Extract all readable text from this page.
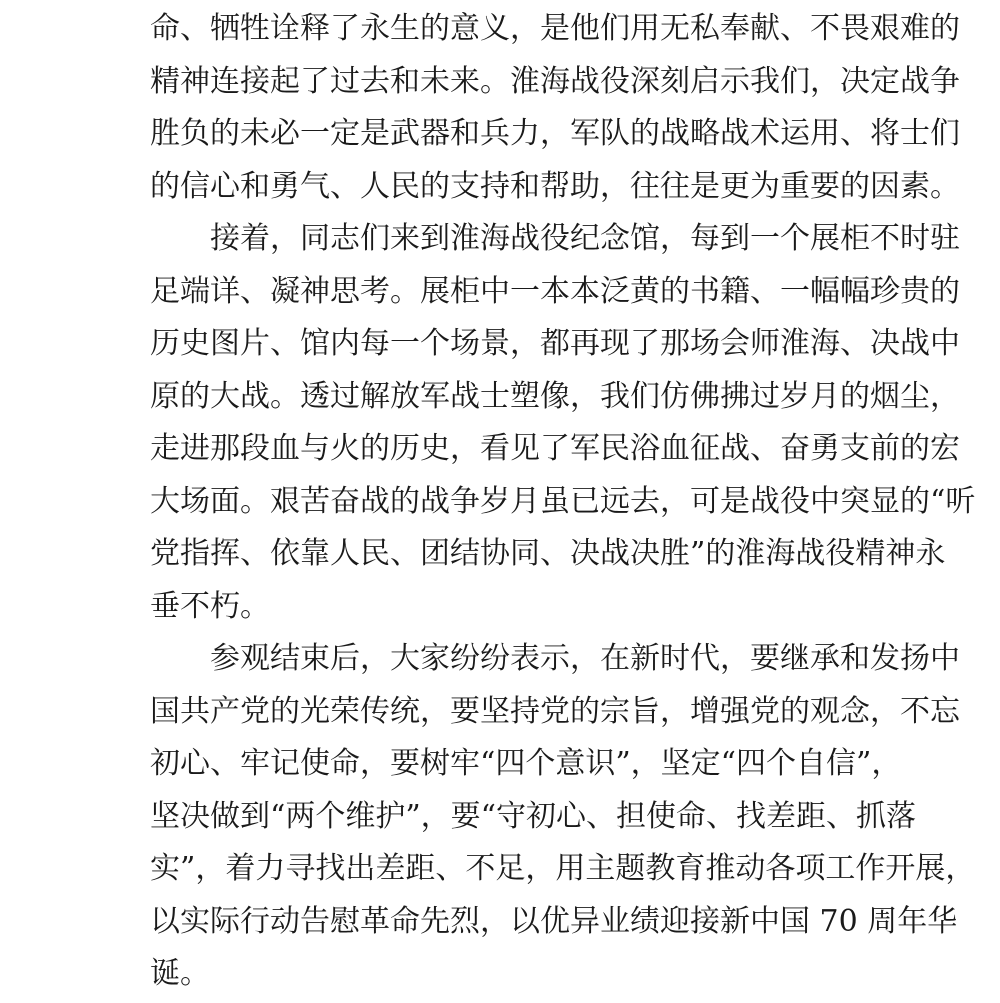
命、牺牲诠释了永生的意义，是他们用无私奉献、不畏艰难的
精神连接起了过去和未来。淮海战役深刻启示我们，决定战争
胜负的未必一定是武器和兵力，军队的战略战术运用、将士们
的信心和勇气、人民的支持和帮助，往往是更为重要的因素。
接着，同志们来到淮海战役纪念馆，每到一个展柜不时驻
足端详、凝神思考。展柜中一本本泛黄的书籍、一幅幅珍贵的
历史图片、馆内每一个场景，都再现了那场会师淮海、决战中
原的大战。透过解放军战士塑像，我们仿佛拂过岁月的烟尘，
走进那段血与火的历史，看见了军民浴血征战、奋勇支前的宏
大场面。艰苦奋战的战争岁月虽已远去，可是战役中突显的“听
党指挥、依靠人民、团结协同、决战决胜”的淮海战役精神永
垂不朽。
参观结束后，大家纷纷表示，在新时代，要继承和发扬中
国共产党的光荣传统，要坚持党的宗旨，增强党的观念，不忘
初心、牢记使命，要树牢“四个意识”，坚定“四个自信”，
坚决做到“两个维护”，要“守初心、担使命、找差距、抓落
实”，着力寻找出差距、不足，用主题教育推动各项工作开展，
以实际行动告慰革命先烈，以优异业绩迎接新中国 70 周年华
诞。
